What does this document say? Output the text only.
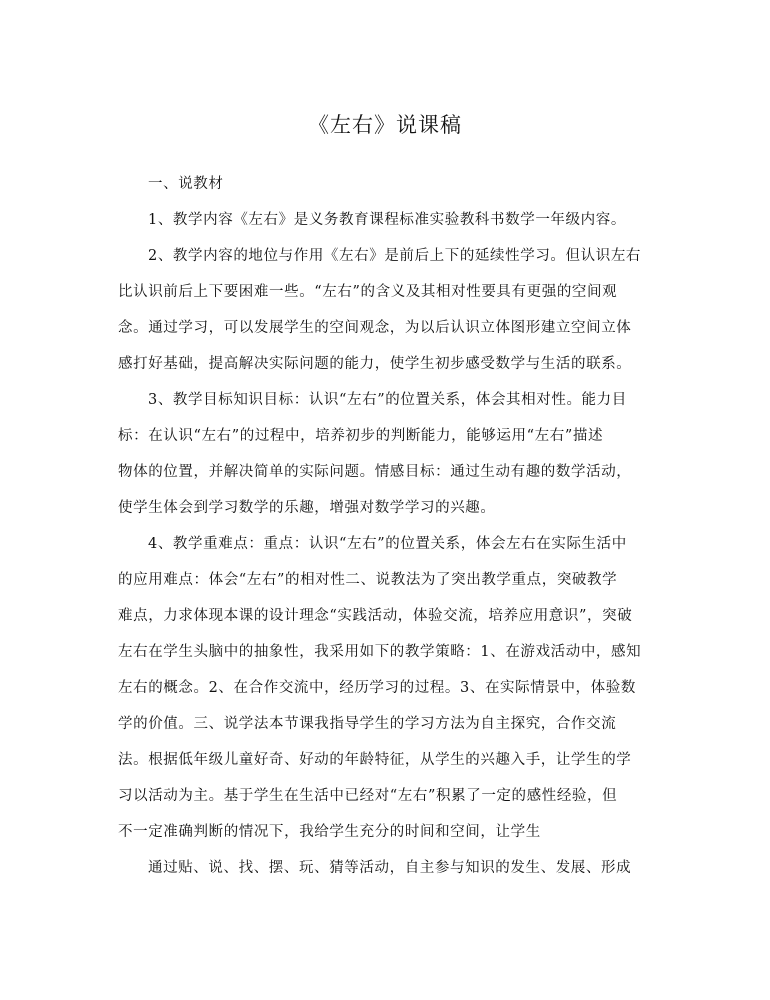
《左右》说课稿
一、说教材
1、教学内容《左右》是义务教育课程标准实验教科书数学一年级内容。
2、教学内容的地位与作用《左右》是前后上下的延续性学习。但认识左右
比认识前后上下要困难一些。“左右”的含义及其相对性要具有更强的空间观
念。通过学习，可以发展学生的空间观念，为以后认识立体图形建立空间立体
感打好基础，提高解决实际问题的能力，使学生初步感受数学与生活的联系。
3、教学目标知识目标：认识“左右”的位置关系，体会其相对性。能力目
标：在认识“左右”的过程中，培养初步的判断能力，能够运用“左右”描述
物体的位置，并解决简单的实际问题。情感目标：通过生动有趣的数学活动，
使学生体会到学习数学的乐趣，增强对数学学习的兴趣。
4、教学重难点：重点：认识“左右”的位置关系，体会左右在实际生活中
的应用难点：体会“左右”的相对性二、说教法为了突出教学重点，突破教学
难点，力求体现本课的设计理念“实践活动，体验交流，培养应用意识”，突破
左右在学生头脑中的抽象性，我采用如下的教学策略：1、在游戏活动中，感知
左右的概念。2、在合作交流中，经历学习的过程。3、在实际情景中，体验数
学的价值。三、说学法本节课我指导学生的学习方法为自主探究，合作交流
法。根据低年级儿童好奇、好动的年龄特征，从学生的兴趣入手，让学生的学
习以活动为主。基于学生在生活中已经对“左右”积累了一定的感性经验，但
不一定准确判断的情况下，我给学生充分的时间和空间，让学生
通过贴、说、找、摆、玩、猜等活动，自主参与知识的发生、发展、形成
